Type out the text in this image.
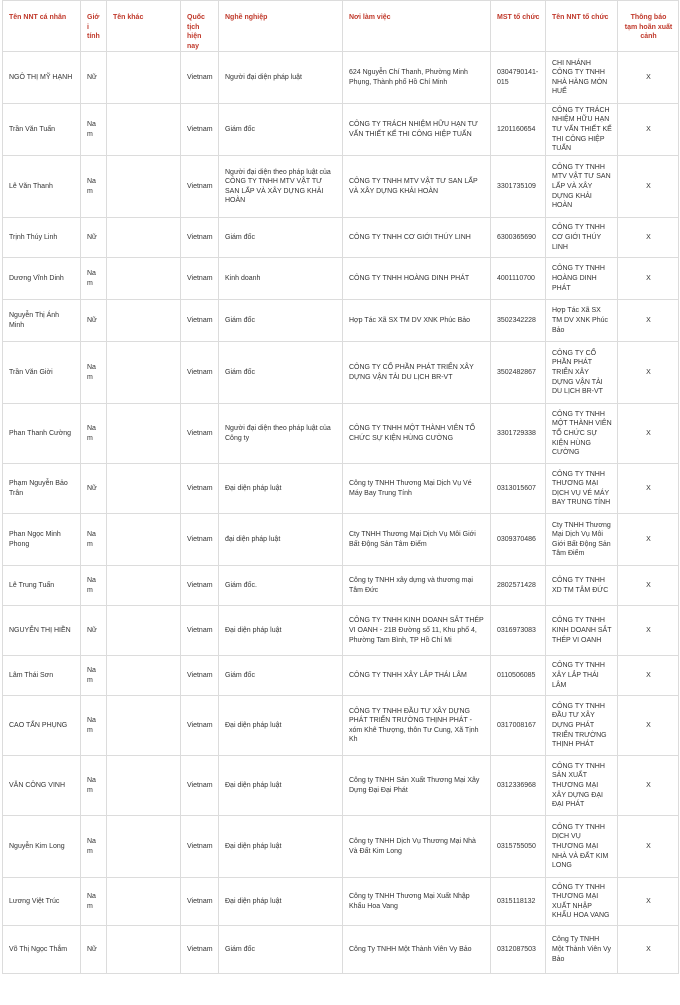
Tên NNT cá nhân	Giới tính	Tên khác	Quốc tịch hiện nay	Nghề nghiệp	Nơi làm việc	MST tổ chức	Tên NNT tổ chức	Thông báo tạm hoãn xuất cảnh
NGÔ THỊ MỸ HẠNH	Nữ		Vietnam	Người đại diện pháp luật	624 Nguyễn Chí Thanh, Phường Minh Phụng, Thành phố Hồ Chí Minh	0304790141-015	CHI NHÁNH CÔNG TY TNHH NHÀ HÀNG MÓN HUẾ	X
Trần Văn Tuấn	Nam		Vietnam	Giám đốc	CÔNG TY TRÁCH NHIỆM HỮU HẠN TƯ VẤN THIẾT KẾ THI CÔNG HIỆP TUẤN	1201160654	CÔNG TY TRÁCH NHIỆM HỮU HẠN TƯ VẤN THIẾT KẾ THI CÔNG HIỆP TUẤN	X
Lê Văn Thanh	Nam		Vietnam	Người đại diện theo pháp luật của CÔNG TY TNHH MTV VẬT TƯ SAN LẤP VÀ XÂY DỰNG KHẢI HOÀN	CÔNG TY TNHH MTV VẬT TƯ SAN LẤP VÀ XÂY DỰNG KHẢI HOÀN	3301735109	CÔNG TY TNHH MTV VẬT TƯ SAN LẤP VÀ XÂY DỰNG KHẢI HOÀN	X
Trịnh Thúy Linh	Nữ		Vietnam	Giám đốc	CÔNG TY TNHH CƠ GIỚI THÚY LINH	6300365690	CÔNG TY TNHH CƠ GIỚI THÚY LINH	X
Dương Vĩnh Dinh	Nam		Vietnam	Kinh doanh	CÔNG TY TNHH HOÀNG DINH PHÁT	4001110700	CÔNG TY TNHH HOÀNG DINH PHÁT	X
Nguyễn Thị Ánh Minh	Nữ		Vietnam	Giám đốc	Hợp Tác Xã SX TM DV XNK Phúc Bảo	3502342228	Hợp Tác Xã SX TM DV XNK Phúc Bảo	X
Trần Văn Giời	Nam		Vietnam	Giám đốc	CÔNG TY CỔ PHẦN PHÁT TRIỂN XÂY DỰNG VẬN TẢI DU LỊCH BR-VT	3502482867	CÔNG TY CỔ PHẦN PHÁT TRIỂN XÂY DỰNG VẬN TẢI DU LỊCH BR-VT	X
Phan Thanh Cường	Nam		Vietnam	Người đại diện theo pháp luật của Công ty	CÔNG TY TNHH MỘT THÀNH VIÊN TỔ CHỨC SỰ KIỆN HÙNG CƯỜNG	3301729338	CÔNG TY TNHH MỘT THÀNH VIÊN TỔ CHỨC SỰ KIỆN HÙNG CƯỜNG	X
Phạm Nguyễn Bảo Trân	Nữ		Vietnam	Đại diện pháp luật	Công ty TNHH Thương Mại Dịch Vụ Vé Máy Bay Trung Tính	0313015607	CÔNG TY TNHH THƯƠNG MẠI DỊCH VỤ VÉ MÁY BAY TRUNG TÍNH	X
Phan Ngọc Minh Phong	Nam		Vietnam	đại diện pháp luật	Cty TNHH Thương Mại Dịch Vụ Môi Giới Bất Động Sản Tâm Điểm	0309370486	Cty TNHH Thương Mại Dịch Vụ Môi Giới Bất Động Sản Tâm Điểm	X
Lê Trung Tuấn	Nam		Vietnam	Giám đốc.	Công ty TNHH xây dựng và thương mại Tâm Đức	2802571428	CÔNG TY TNHH XD TM TÂM ĐỨC	X
NGUYỄN THỊ HIỀN	Nữ		Vietnam	Đại diện pháp luật	CÔNG TY TNHH KINH DOANH SẮT THÉP VI OANH - 21B Đường số 11, Khu phố 4, Phường Tam Bình, TP Hồ Chí Mi	0316973083	CÔNG TY TNHH KINH DOANH SẮT THÉP VI OANH	X
Lâm Thái Sơn	Nam		Vietnam	Giám đốc	CÔNG TY TNHH XÂY LẮP THÁI LÂM	0110506085	CÔNG TY TNHH XÂY LẮP THÁI LÂM	X
CAO TẤN PHỤNG	Nam		Vietnam	Đại diện pháp luật	CÔNG TY TNHH ĐẦU TƯ XÂY DỰNG PHÁT TRIỂN TRƯỜNG THỊNH PHÁT - xóm Khê Thượng, thôn Tư Cung, Xã Tịnh Kh	0317008167	CÔNG TY TNHH ĐẦU TƯ XÂY DỰNG PHÁT TRIỂN TRƯỜNG THỊNH PHÁT	X
VĂN CÔNG VINH	Nam		Vietnam	Đại diện pháp luật	Công ty TNHH Sản Xuất Thương Mại Xây Dựng Đại Đại Phát	0312336968	CÔNG TY TNHH SẢN XUẤT THƯƠNG MẠI XÂY DỰNG ĐẠI ĐẠI PHÁT	X
Nguyễn Kim Long	Nam		Vietnam	Đại diện pháp luật	Công ty TNHH Dịch Vụ Thương Mại Nhà Và Đất Kim Long	0315755050	CÔNG TY TNHH DỊCH VỤ THƯƠNG MẠI NHÀ VÀ ĐẤT KIM LONG	X
Lương Việt Trúc	Nam		Vietnam	Đại diện pháp luật	Công ty TNHH Thương Mại Xuất Nhập Khẩu Hoa Vang	0315118132	CÔNG TY TNHH THƯƠNG MẠI XUẤT NHẬP KHẨU HOA VANG	X
Võ Thị Ngọc Thắm	Nữ		Vietnam	Giám đốc	Công Ty TNHH Một Thành Viên Vy Bảo	0312087503	Công Ty TNHH Một Thành Viên Vy Bảo	X
